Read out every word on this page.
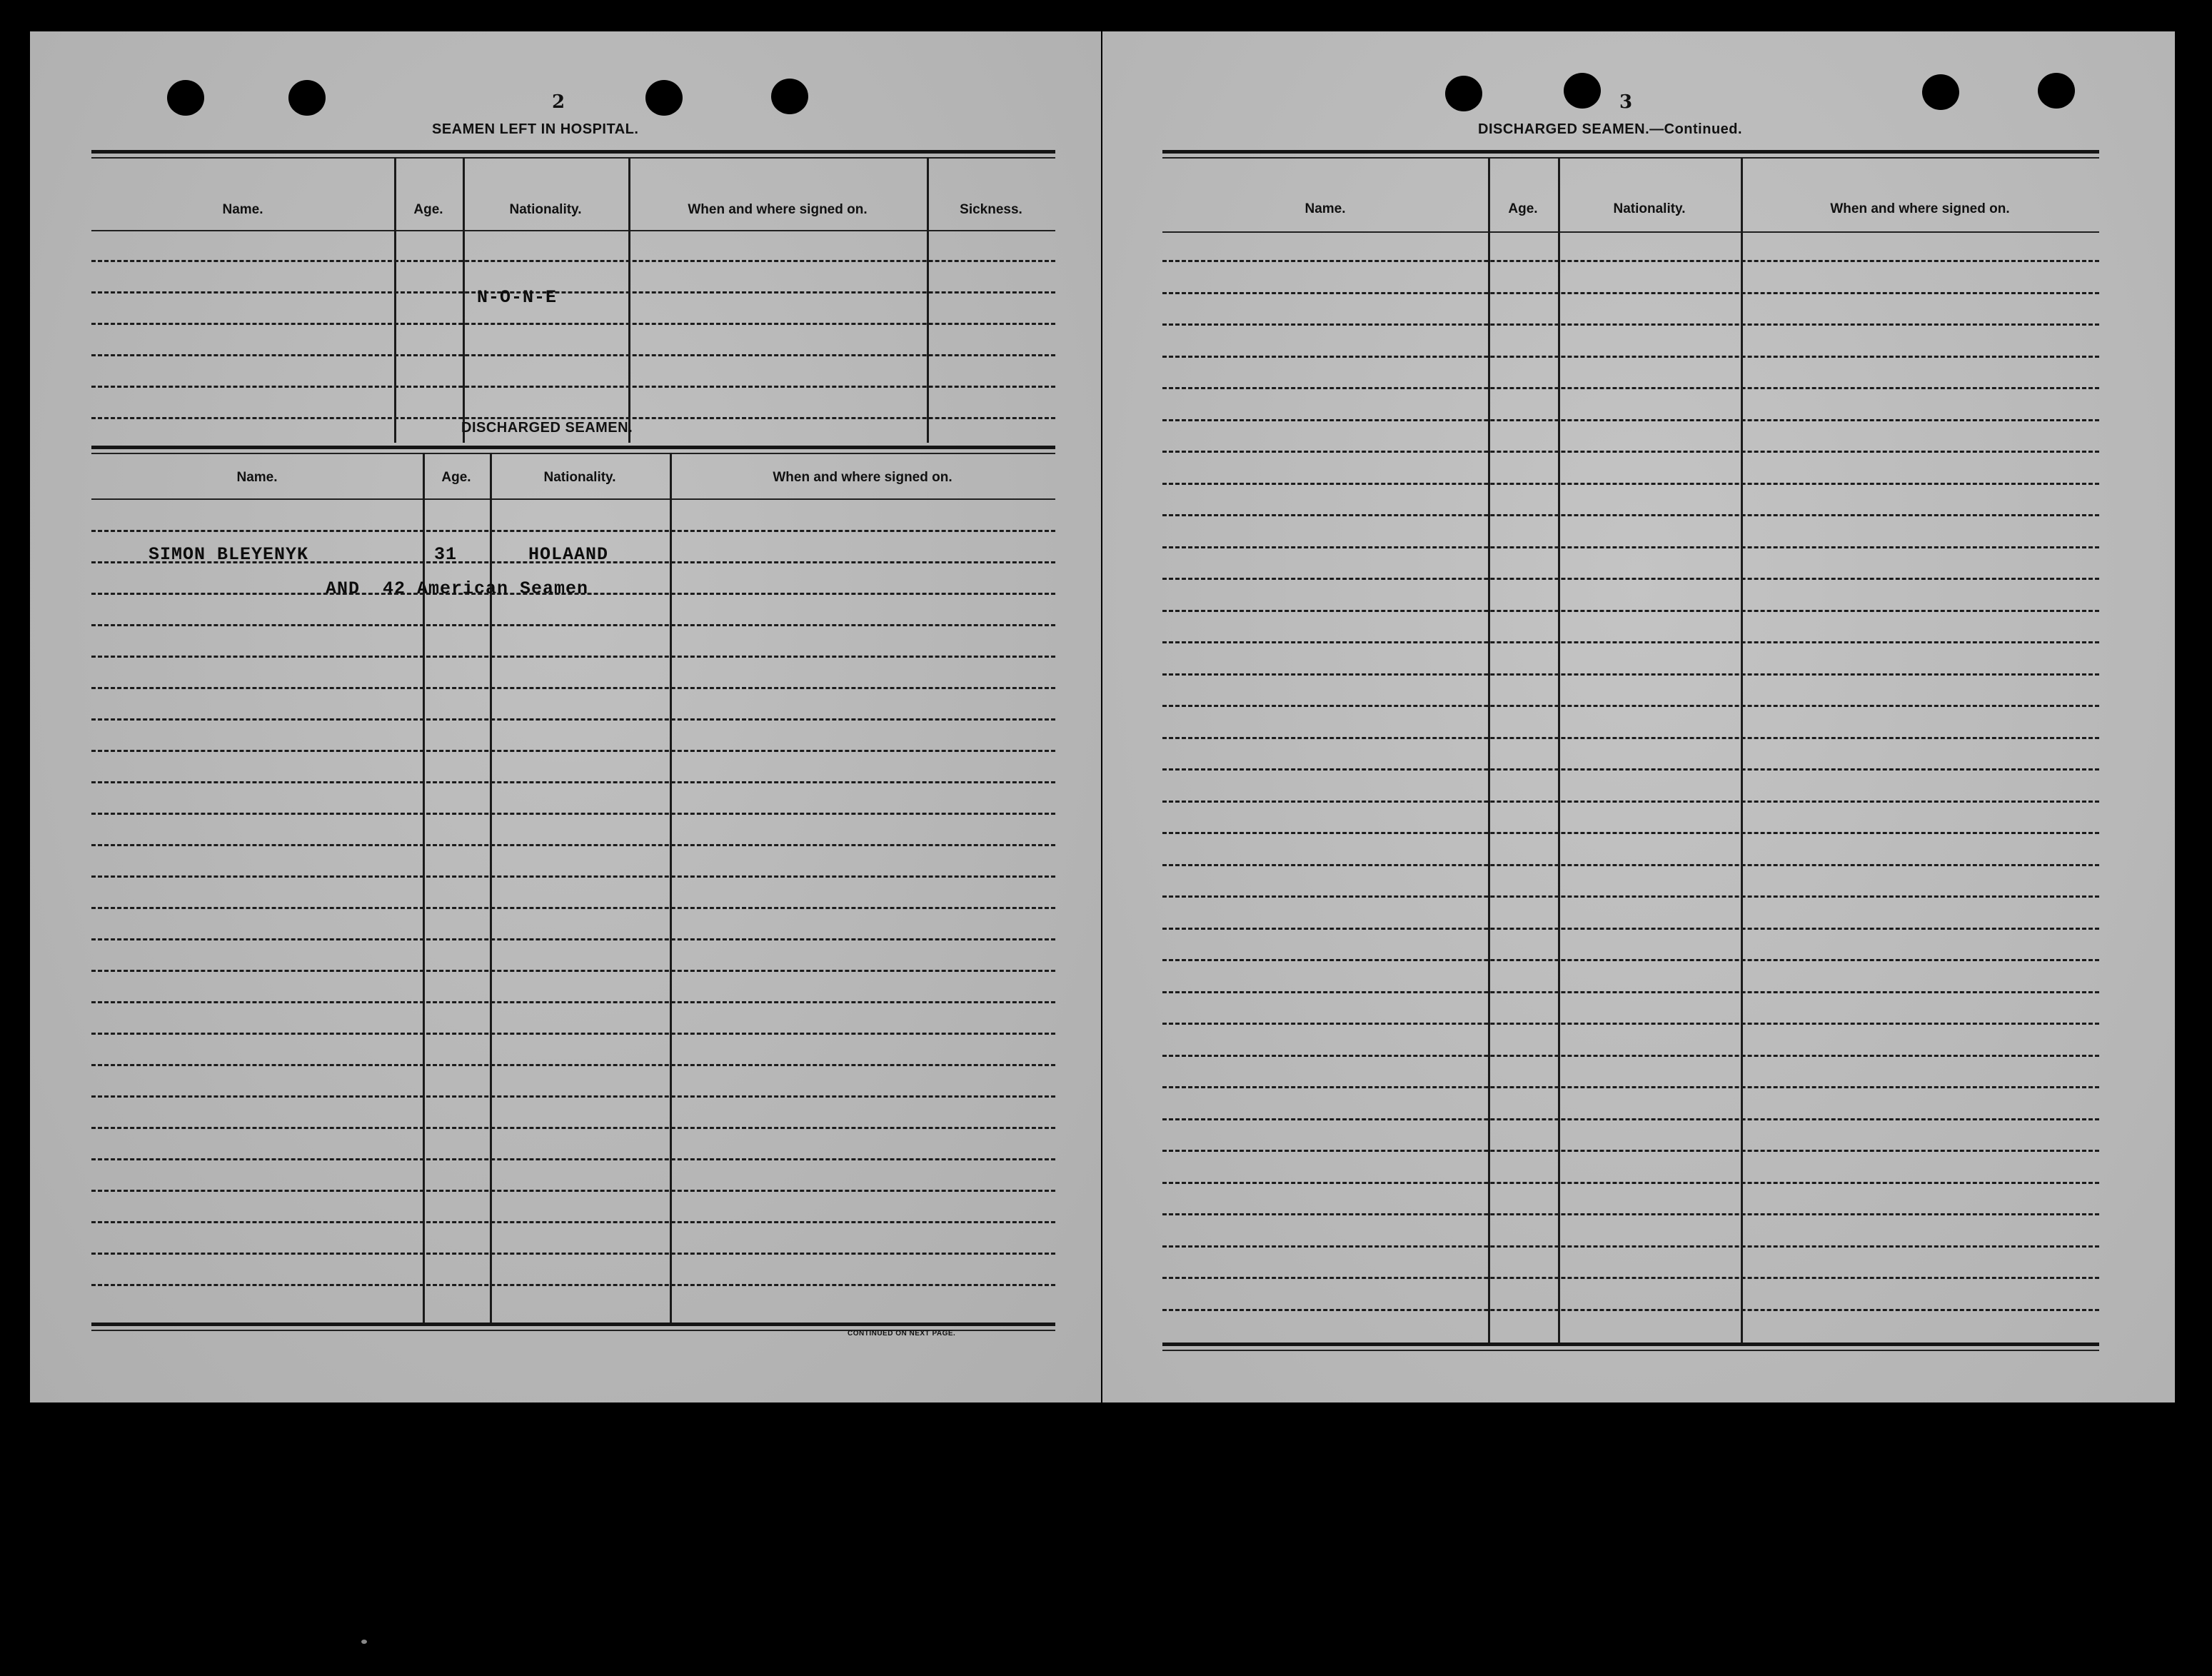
2
SEAMEN LEFT IN HOSPITAL.
Name.	Age.	Nationality.	When and where signed on.	Sickness.
N-O-N-E
DISCHARGED SEAMEN.
Name.	Age.	Nationality.	When and where signed on.
SIMON BLEYENYK	31	HOLAAND
AND  42 American Seamen
CONTINUED ON NEXT PAGE.
3
DISCHARGED SEAMEN.—Continued.
Name.	Age.	Nationality.	When and where signed on.
